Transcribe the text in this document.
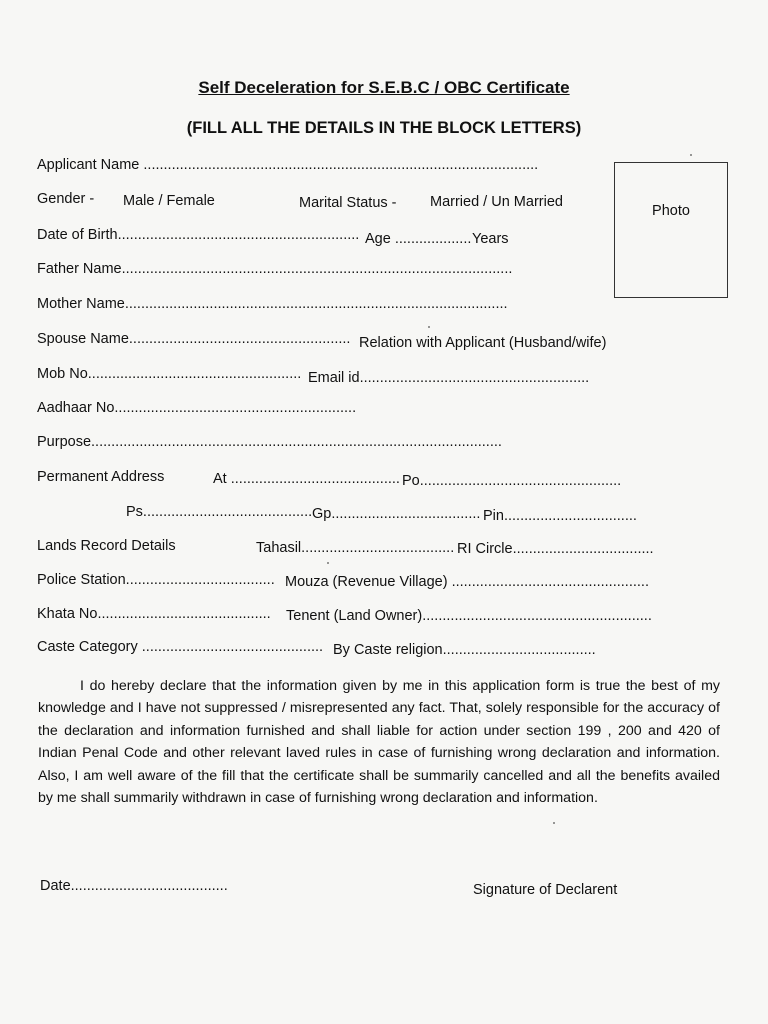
Self Deceleration for S.E.B.C / OBC Certificate
(FILL ALL THE DETAILS IN THE BLOCK LETTERS)
Photo
Applicant Name ..................................................................................................
Gender - Male / Female	Marital Status - Married / Un Married
Date of Birth............................................................ Age ................... Years
Father Name.................................................................................................
Mother Name...............................................................................................
Spouse Name....................................................... Relation with Applicant (Husband/wife)
Mob No..................................................... Email id.........................................................
Aadhaar No............................................................
Purpose......................................................................................................
Permanent Address	At .......................................... Po..................................................
Ps.......................................... Gp..................................... Pin.................................
Lands Record Details	Tahasil...................................... RI Circle...................................
Police Station..................................... Mouza (Revenue Village) .................................................
Khata No........................................... Tenent (Land Owner).........................................................
Caste Category ............................................. By Caste religion......................................
I do hereby declare that the information given by me in this application form is true the best of my knowledge and I have not suppressed / misrepresented any fact. That, solely responsible for the accuracy of the declaration and information furnished and shall liable for action under section 199 , 200 and 420 of Indian Penal Code and other relevant laved rules in case of furnishing wrong declaration and information. Also, I am well aware of the fill that the certificate shall be summarily cancelled and all the benefits availed by me shall summarily withdrawn in case of furnishing wrong declaration and information.
Date.......................................	Signature of Declarent
